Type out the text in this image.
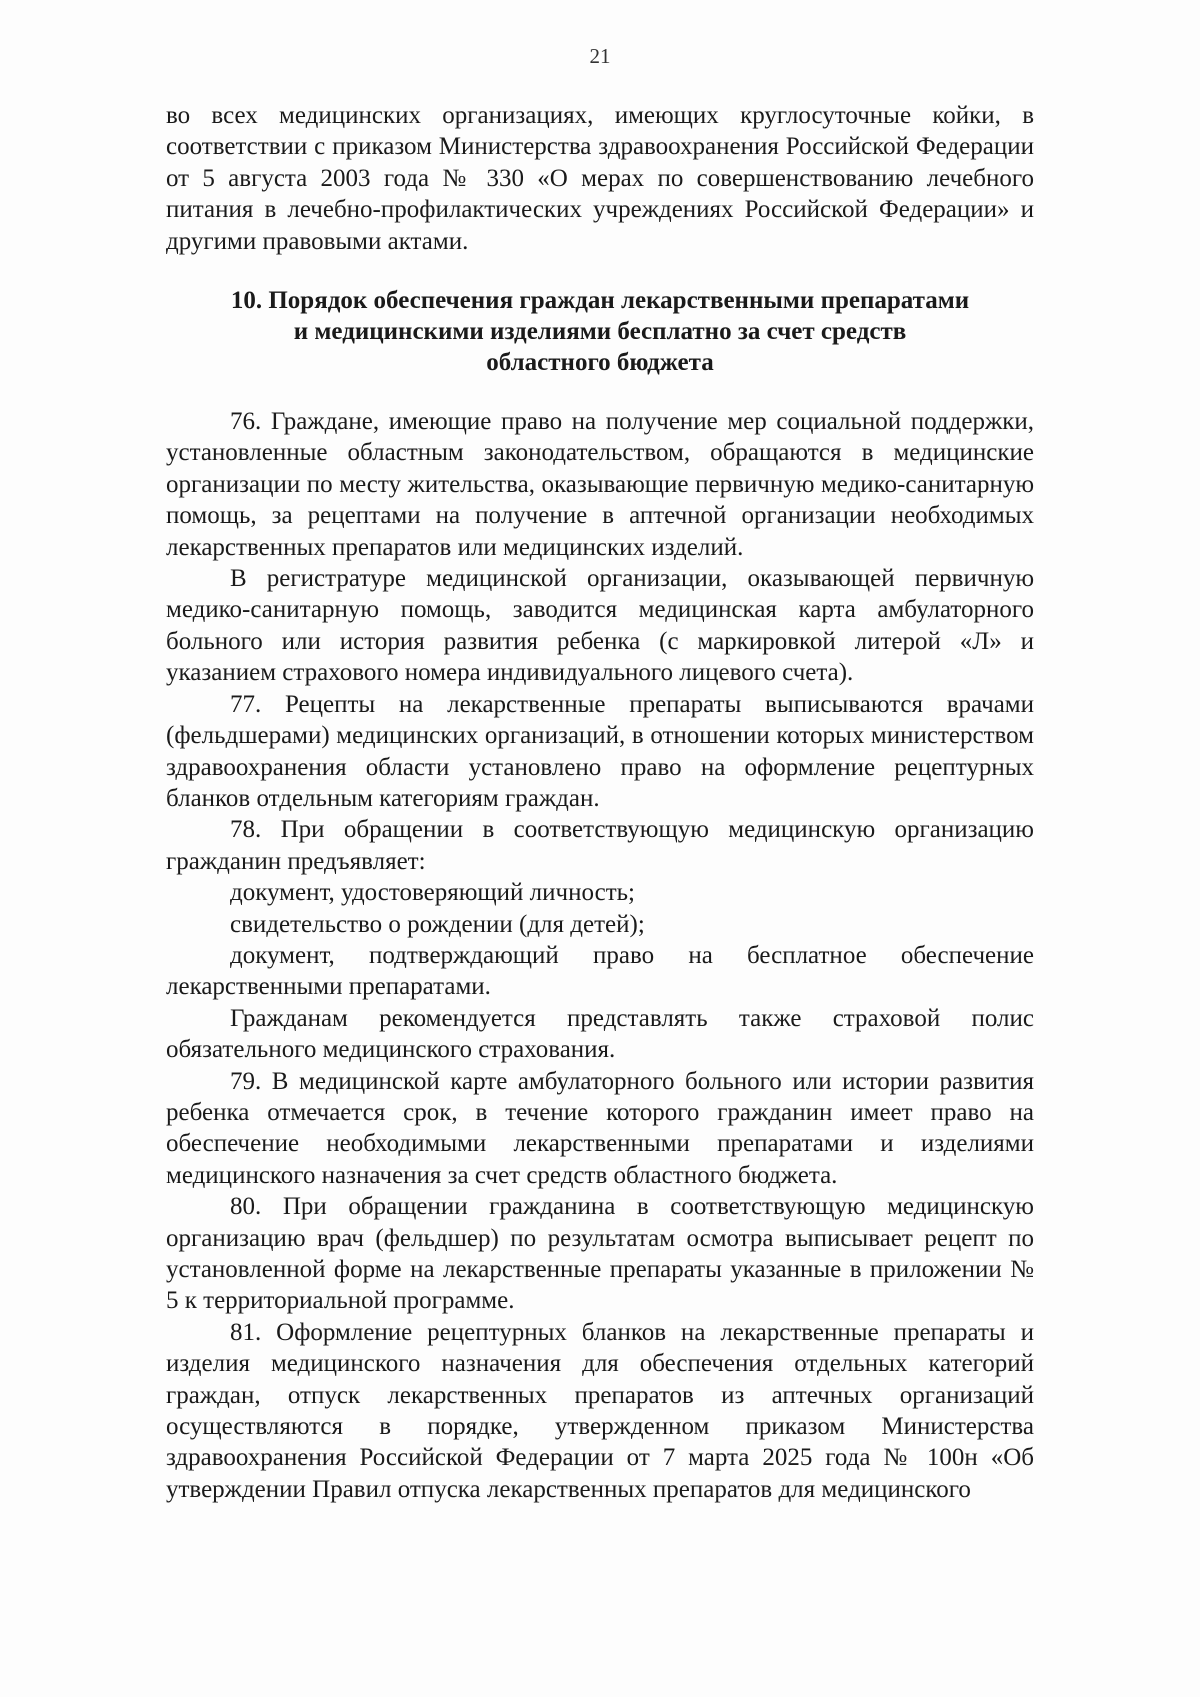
21

во всех медицинских организациях, имеющих круглосуточные койки, в соответствии с приказом Министерства здравоохранения Российской Федерации от 5 августа 2003 года № 330 «О мерах по совершенствованию лечебного питания в лечебно-профилактических учреждениях Российской Федерации» и другими правовыми актами.

10. Порядок обеспечения граждан лекарственными препаратами
и медицинскими изделиями бесплатно за счет средств
областного бюджета

76. Граждане, имеющие право на получение мер социальной поддержки, установленные областным законодательством, обращаются в медицинские организации по месту жительства, оказывающие первичную медико-санитарную помощь, за рецептами на получение в аптечной организации необходимых лекарственных препаратов или медицинских изделий.

В регистратуре медицинской организации, оказывающей первичную медико-санитарную помощь, заводится медицинская карта амбулаторного больного или история развития ребенка (с маркировкой литерой «Л» и указанием страхового номера индивидуального лицевого счета).

77. Рецепты на лекарственные препараты выписываются врачами (фельдшерами) медицинских организаций, в отношении которых министерством здравоохранения области установлено право на оформление рецептурных бланков отдельным категориям граждан.

78. При обращении в соответствующую медицинскую организацию гражданин предъявляет:

документ, удостоверяющий личность;

свидетельство о рождении (для детей);

документ, подтверждающий право на бесплатное обеспечение лекарственными препаратами.

Гражданам рекомендуется представлять также страховой полис обязательного медицинского страхования.

79. В медицинской карте амбулаторного больного или истории развития ребенка отмечается срок, в течение которого гражданин имеет право на обеспечение необходимыми лекарственными препаратами и изделиями медицинского назначения за счет средств областного бюджета.

80. При обращении гражданина в соответствующую медицинскую организацию врач (фельдшер) по результатам осмотра выписывает рецепт по установленной форме на лекарственные препараты указанные в приложении № 5 к территориальной программе.

81. Оформление рецептурных бланков на лекарственные препараты и изделия медицинского назначения для обеспечения отдельных категорий граждан, отпуск лекарственных препаратов из аптечных организаций осуществляются в порядке, утвержденном приказом Министерства здравоохранения Российской Федерации от 7 марта 2025 года № 100н «Об утверждении Правил отпуска лекарственных препаратов для медицинского
